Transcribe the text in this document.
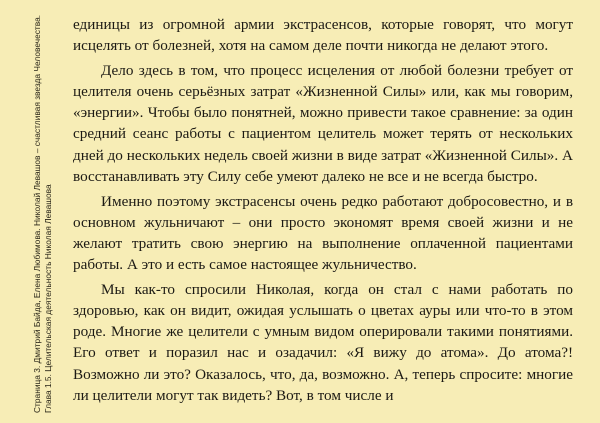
Страница 3. Дмитрий Байда, Елена Любимова. Николай Левашов – счастливая звезда Человечества. Глава 1.5. Целительская деятельность Николая Левашова

единицы из огромной армии экстрасенсов, которые говорят, что могут исцелять от болезней, хотя на самом деле почти никогда не делают этого.

Дело здесь в том, что процесс исцеления от любой болезни требует от целителя очень серьёзных затрат «Жизненной Силы» или, как мы говорим, «энергии». Чтобы было понятней, можно привести такое сравнение: за один средний сеанс работы с пациентом целитель может терять от нескольких дней до нескольких недель своей жизни в виде затрат «Жизненной Силы». А восстанавливать эту Силу себе умеют далеко не все и не всегда быстро.

Именно поэтому экстрасенсы очень редко работают добросовестно, и в основном жульничают – они просто экономят время своей жизни и не желают тратить свою энергию на выполнение оплаченной пациентами работы. А это и есть самое настоящее жульничество.

Мы как-то спросили Николая, когда он стал с нами работать по здоровью, как он видит, ожидая услышать о цветах ауры или что-то в этом роде. Многие же целители с умным видом оперировали такими понятиями. Его ответ и поразил нас и озадачил: «Я вижу до атома». До атома?! Возможно ли это? Оказалось, что, да, возможно. А, теперь спросите: многие ли целители могут так видеть? Вот, в том числе и
